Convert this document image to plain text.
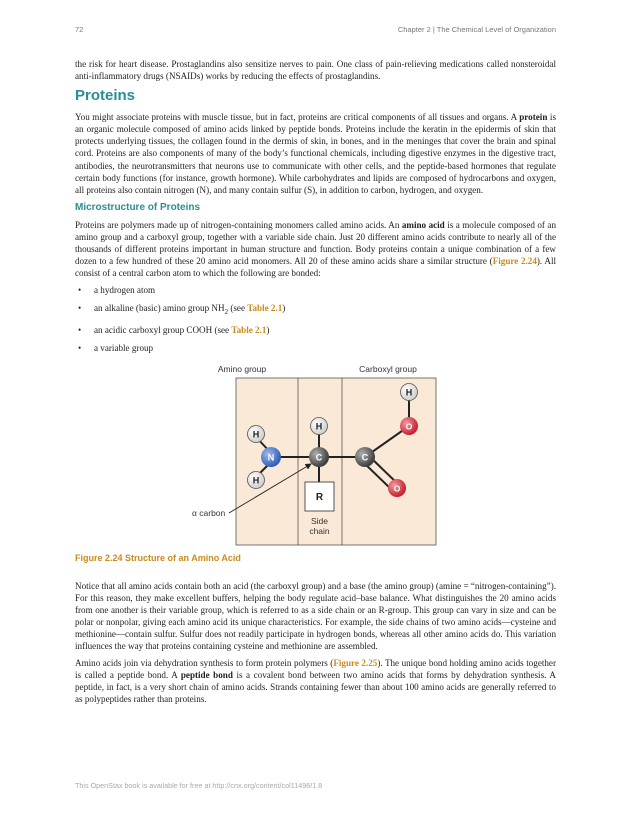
72	Chapter 2 | The Chemical Level of Organization

the risk for heart disease. Prostaglandins also sensitize nerves to pain. One class of pain-relieving medications called nonsteroidal anti-inflammatory drugs (NSAIDs) works by reducing the effects of prostaglandins.

Proteins

You might associate proteins with muscle tissue, but in fact, proteins are critical components of all tissues and organs. A protein is an organic molecule composed of amino acids linked by peptide bonds. Proteins include the keratin in the epidermis of skin that protects underlying tissues, the collagen found in the dermis of skin, in bones, and in the meninges that cover the brain and spinal cord. Proteins are also components of many of the body’s functional chemicals, including digestive enzymes in the digestive tract, antibodies, the neurotransmitters that neurons use to communicate with other cells, and the peptide-based hormones that regulate certain body functions (for instance, growth hormone). While carbohydrates and lipids are composed of hydrocarbons and oxygen, all proteins also contain nitrogen (N), and many contain sulfur (S), in addition to carbon, hydrogen, and oxygen.

Microstructure of Proteins

Proteins are polymers made up of nitrogen-containing monomers called amino acids. An amino acid is a molecule composed of an amino group and a carboxyl group, together with a variable side chain. Just 20 different amino acids contribute to nearly all of the thousands of different proteins important in human structure and function. Body proteins contain a unique combination of a few dozen to a few hundred of these 20 amino acid monomers. All 20 of these amino acids share a similar structure (Figure 2.24). All consist of a central carbon atom to which the following are bonded:

• a hydrogen atom
• an alkaline (basic) amino group $NH_2$ (see Table 2.1)
• an acidic carboxyl group COOH (see Table 2.1)
• a variable group
Amino group	Carboxyl group
H
H
H
H
N	C	C
O
O
R
Side
chain
α carbon
Figure 2.24 Structure of an Amino Acid

Notice that all amino acids contain both an acid (the carboxyl group) and a base (the amino group) (amine = “nitrogen-containing”). For this reason, they make excellent buffers, helping the body regulate acid–base balance. What distinguishes the 20 amino acids from one another is their variable group, which is referred to as a side chain or an R-group. This group can vary in size and can be polar or nonpolar, giving each amino acid its unique characteristics. For example, the side chains of two amino acids—cysteine and methionine—contain sulfur. Sulfur does not readily participate in hydrogen bonds, whereas all other amino acids do. This variation influences the way that proteins containing cysteine and methionine are assembled.

Amino acids join via dehydration synthesis to form protein polymers (Figure 2.25). The unique bond holding amino acids together is called a peptide bond. A peptide bond is a covalent bond between two amino acids that forms by dehydration synthesis. A peptide, in fact, is a very short chain of amino acids. Strands containing fewer than about 100 amino acids are generally referred to as polypeptides rather than proteins.

This OpenStax book is available for free at http://cnx.org/content/col11496/1.8
